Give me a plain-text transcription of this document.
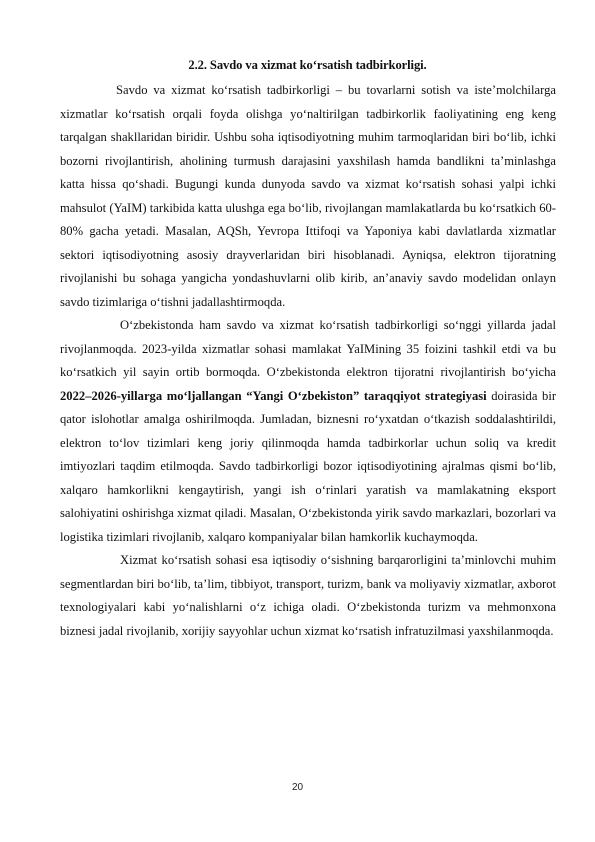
2.2. Savdo va xizmat ko‘rsatish tadbirkorligi.

Savdo va xizmat ko‘rsatish tadbirkorligi – bu tovarlarni sotish va iste’molchilarga xizmatlar ko‘rsatish orqali foyda olishga yo‘naltirilgan tadbirkorlik faoliyatining eng keng tarqalgan shakllaridan biridir. Ushbu soha iqtisodiyotning muhim tarmoqlaridan biri bo‘lib, ichki bozorni rivojlantirish, aholining turmush darajasini yaxshilash hamda bandlikni ta’minlashga katta hissa qo‘shadi. Bugungi kunda dunyoda savdo va xizmat ko‘rsatish sohasi yalpi ichki mahsulot (YaIM) tarkibida katta ulushga ega bo‘lib, rivojlangan mamlakatlarda bu ko‘rsatkich 60-80% gacha yetadi. Masalan, AQSh, Yevropa Ittifoqi va Yaponiya kabi davlatlarda xizmatlar sektori iqtisodiyotning asosiy drayverlaridan biri hisoblanadi. Ayniqsa, elektron tijoratning rivojlanishi bu sohaga yangicha yondashuvlarni olib kirib, an’anaviy savdo modelidan onlayn savdo tizimlariga o‘tishni jadallashtirmoqda.

O‘zbekistonda ham savdo va xizmat ko‘rsatish tadbirkorligi so‘nggi yillarda jadal rivojlanmoqda. 2023-yilda xizmatlar sohasi mamlakat YaIMining 35 foizini tashkil etdi va bu ko‘rsatkich yil sayin ortib bormoqda. O‘zbekistonda elektron tijoratni rivojlantirish bo‘yicha 2022–2026-yillarga mo‘ljallangan “Yangi O‘zbekiston” taraqqiyot strategiyasi doirasida bir qator islohotlar amalga oshirilmoqda. Jumladan, biznesni ro‘yxatdan o‘tkazish soddalashtirildi, elektron to‘lov tizimlari keng joriy qilinmoqda hamda tadbirkorlar uchun soliq va kredit imtiyozlari taqdim etilmoqda. Savdo tadbirkorligi bozor iqtisodiyotining ajralmas qismi bo‘lib, xalqaro hamkorlikni kengaytirish, yangi ish o‘rinlari yaratish va mamlakatning eksport salohiyatini oshirishga xizmat qiladi. Masalan, O‘zbekistonda yirik savdo markazlari, bozorlari va logistika tizimlari rivojlanib, xalqaro kompaniyalar bilan hamkorlik kuchaymoqda.

Xizmat ko‘rsatish sohasi esa iqtisodiy o‘sishning barqarorligini ta’minlovchi muhim segmentlardan biri bo‘lib, ta’lim, tibbiyot, transport, turizm, bank va moliyaviy xizmatlar, axborot texnologiyalari kabi yo‘nalishlarni o‘z ichiga oladi. O‘zbekistonda turizm va mehmonxona biznesi jadal rivojlanib, xorijiy sayyohlar uchun xizmat ko‘rsatish infratuzilmasi yaxshilanmoqda.

20
